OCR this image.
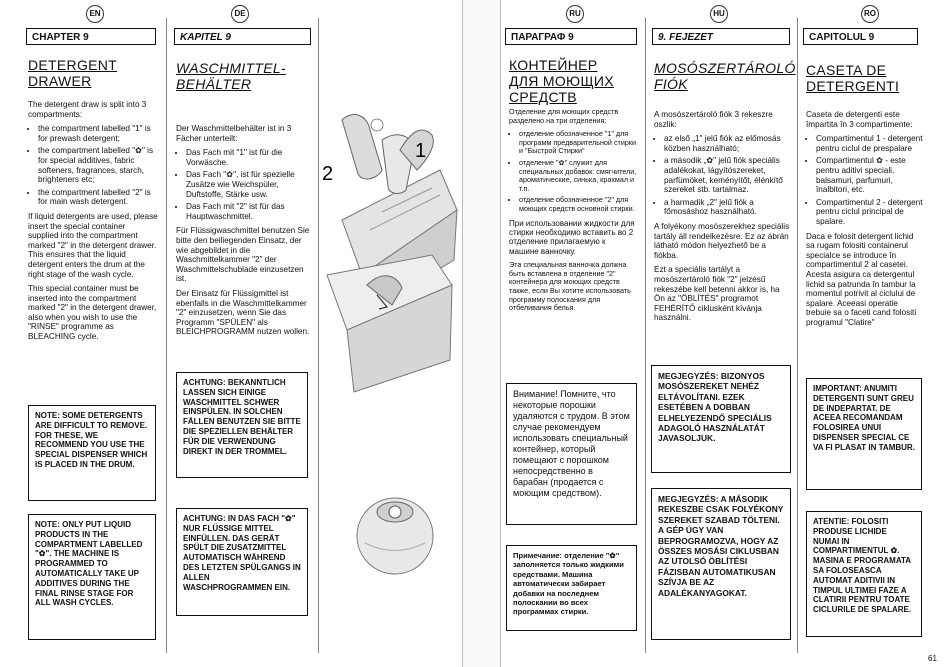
EN	DE	RU	HU	RO
CHAPTER 9
DETERGENT DRAWER

The detergent draw is split into 3 compartments:

• the compartment labelled "1" is for prewash detergent;
• the compartment labelled "✿" is for special additives, fabric softeners, fragrances, starch, brighteners etc;
• the compartment labelled "2" is for main wash detergent.

If liquid detergents are used, please insert the special container supplied into the compartment marked "2" in the detergent drawer. This ensures that the liquid detergent enters the drum at the right stage of the wash cycle.

This special container must be inserted into the compartment marked "2" in the detergent drawer, also when you wish to use the "RINSE" programme as BLEACHING cycle.

NOTE: SOME DETERGENTS ARE DIFFICULT TO REMOVE. FOR THESE, WE RECOMMEND YOU USE THE SPECIAL DISPENSER WHICH IS PLACED IN THE DRUM.
NOTE: ONLY PUT LIQUID PRODUCTS IN THE COMPARTMENT LABELLED "✿". THE MACHINE IS PROGRAMMED TO AUTOMATICALLY TAKE UP ADDITIVES DURING THE FINAL RINSE STAGE FOR ALL WASH CYCLES.
KAPITEL 9
WASCHMITTEL-BEHÄLTER

Der Waschmittelbehälter ist in 3 Fächer unterteilt:

• Das Fach mit "1" ist für die Vorwäsche.
• Das Fach "✿", ist für spezielle Zusätze wie Weichspüler, Duftstoffe, Stärke usw.
• Das Fach mit "2" ist für das Hauptwaschmittel.

Für Flüssigwaschmittel benutzen Sie bitte den beiliegenden Einsatz, der wie abgebildet in die Waschmittelkammer "2" der Waschmittelschublade einzusetzen ist.

Der Einsatz für Flüssigmittel ist ebenfalls in die Waschmittelkammer "2" einzusetzen, wenn Sie das Programm "SPÜLEN" als BLEICHPROGRAMM nutzen wollen.

ACHTUNG: BEKANNTLICH LASSEN SICH EINIGE WASCHMITTEL SCHWER EINSPÜLEN. IN SOLCHEN FÄLLEN BENUTZEN SIE BITTE DIE SPEZIELLEN BEHÄLTER FÜR DIE VERWENDUNG DIREKT IN DER TROMMEL.
ACHTUNG: IN DAS FACH "✿" NUR FLÜSSIGE MITTEL EINFÜLLEN. DAS GERÄT SPÜLT DIE ZUSATZMITTEL AUTOMATISCH WÄHREND DES LETZTEN SPÜLGANGS IN ALLEN WASCHPROGRAMMEN EIN.
1
2
ПАРАГРАФ 9
КОНТЕЙНЕР ДЛЯ МОЮЩИХ СРЕДСТВ

Отделение для моющих средств разделено на три отделения:

• отделение обозначенное "1" для программ предварительной стирки и "Быстрой Стирки"
• отделение "✿" служит для специальных добавок: смягчители, ароматические, синька, крахмал и т.п.
• отделение обозначенное "2" для моющих средств основной стирки.

При использовании жидкости для стирки необходимо вставить во 2 отделение прилагаемую к машине ванночку.

Эта специальная ванночка должна быть вставлена в отделение "2" контейнера для моющих средств также, если Вы хотите использовать программу полоскания для отбеливания белья.

Внимание! Помните, что некоторые порошки удаляются с трудом. В этом случае рекомендуем использовать специальный контейнер, который помещают с порошком непосредственно в барабан (продается с моющим средством).
Примечание: отделение "✿" заполняется только жидкими средствами. Машина автоматически забирает добавки на последнем полоскании во всех программах стирки.
9. FEJEZET
MOSÓSZERTÁROLÓ FIÓK

A mosószertároló fiók 3 rekeszre oszlik:

• az első „1" jelű fiók az előmosás közben használható;
• a második „✿" jelű fiók speciális adalékokat, lágyítószereket, parfümöket, keményítőt, élénkítő szereket stb. tartalmaz.
• a harmadik „2" jelű fiók a főmosáshoz használható.

A folyékony mosószerekhez speciális tartály áll rendelkezésre. Ez az ábrán látható módon helyezhető be a fiókba.

Ezt a speciális tartályt a mosószertároló fiók "2" jelzésű rekeszébe kell betenni akkor is, ha Ön az "ÖBLÍTÉS" programot FEHÉRÍTŐ ciklusként kívánja használni.

MEGJEGYZÉS: BIZONYOS MOSÓSZEREKET NEHÉZ ELTÁVOLÍTANI. EZEK ESETÉBEN A DOBBAN ELHELYEZENDŐ SPECIÁLIS ADAGOLÓ HASZNÁLATÁT JAVASOLJUK.
MEGJEGYZÉS: A MÁSODIK REKESZBE CSAK FOLYÉKONY SZEREKET SZABAD TÖLTENI. A GÉP ÚGY VAN BEPROGRAMOZVA, HOGY AZ ÖSSZES MOSÁSI CIKLUSBAN AZ UTOLSÓ ÖBLÍTÉSI FÁZISBAN AUTOMATIKUSAN SZÍVJA BE AZ ADALÉKANYAGOKAT.
CAPITOLUL 9
CASETA DE DETERGENTI

Caseta de detergenti este împartita în 3 compartimente:

• Compartimentul 1 - detergent pentru ciclul de prespalare
• Compartimentul ✿ - este pentru aditivi speciali, balsamuri, parfumuri, înalbitori, etc.
• Compartimentul 2 - detergent pentru ciclul principal de spalare.

Daca e folosit detergent lichid sa rugam folositi containerul specialce se introduce în compartimentul 2 al casetei. Acesta asigura ca detergentul lichid sa patrunda în tambur la momentul potrivit al ciclului de spalare. Aceeasi operatie trebuie sa o faceti cand folositi programul "Clatire"

IMPORTANT: ANUMITI DETERGENTI SUNT GREU DE INDEPARTAT. DE ACEEA RECOMANDAM FOLOSIREA UNUI DISPENSER SPECIAL CE VA FI PLASAT IN TAMBUR.
ATENTIE: FOLOSITI PRODUSE LICHIDE NUMAI IN COMPARTIMENTUL ✿. MASINA E PROGRAMATA SA FOLOSEASCA AUTOMAT ADITIVII IN TIMPUL ULTIMEI FAZE A CLATIRII PENTRU TOATE CICLURILE DE SPALARE.
61
